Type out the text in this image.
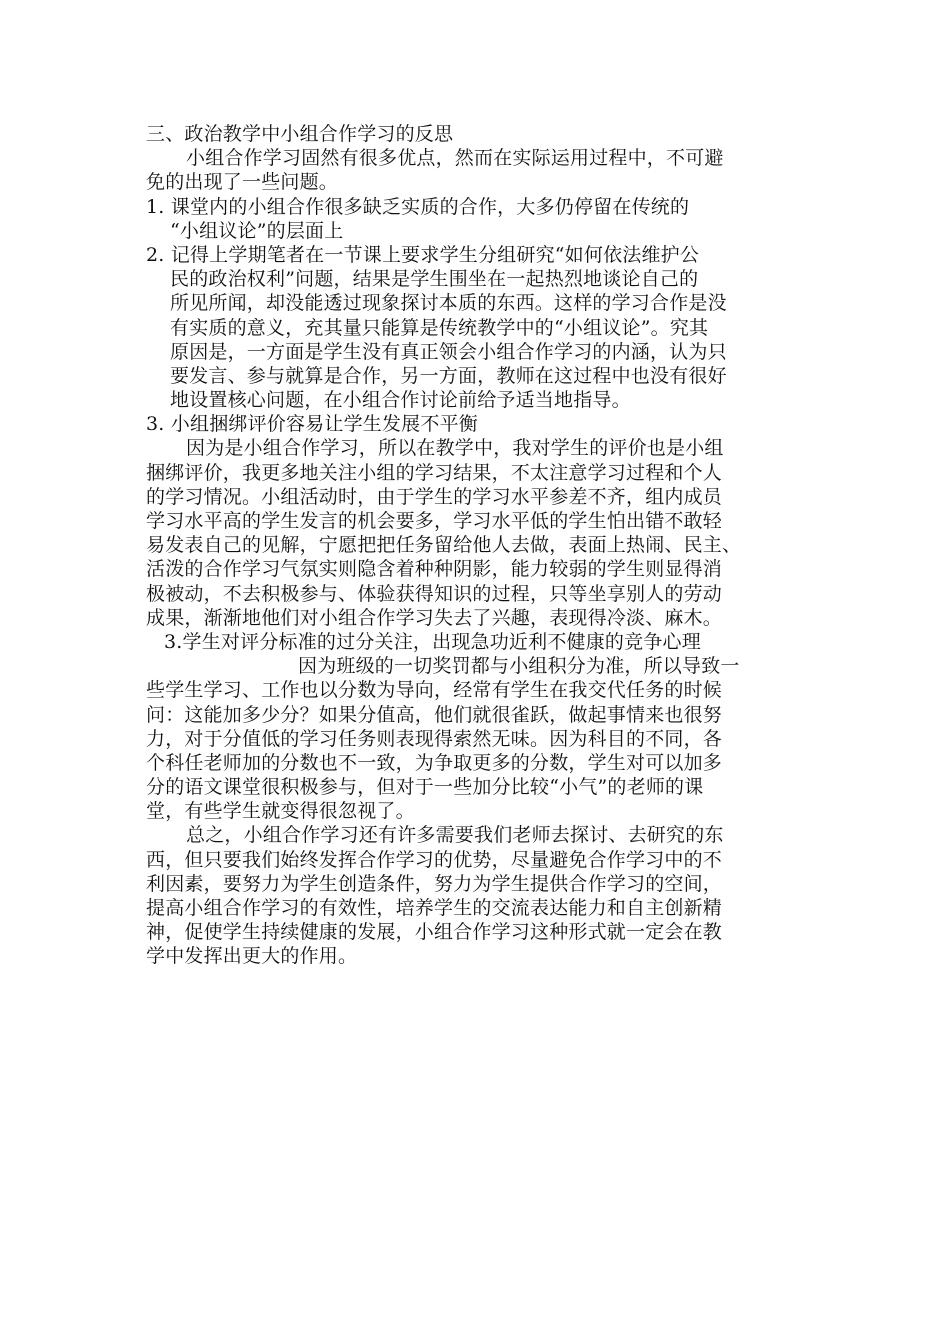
三、政治教学中小组合作学习的反思
小组合作学习固然有很多优点，然而在实际运用过程中，不可避
免的出现了一些问题。
1. 课堂内的小组合作很多缺乏实质的合作，大多仍停留在传统的
“小组议论”的层面上
2. 记得上学期笔者在一节课上要求学生分组研究“如何依法维护公
民的政治权利”问题，结果是学生围坐在一起热烈地谈论自己的
所见所闻，却没能透过现象探讨本质的东西。这样的学习合作是没
有实质的意义，充其量只能算是传统教学中的“小组议论”。究其
原因是，一方面是学生没有真正领会小组合作学习的内涵，认为只
要发言、参与就算是合作，另一方面，教师在这过程中也没有很好
地设置核心问题，在小组合作讨论前给予适当地指导。
3. 小组捆绑评价容易让学生发展不平衡
因为是小组合作学习，所以在教学中，我对学生的评价也是小组
捆绑评价，我更多地关注小组的学习结果，不太注意学习过程和个人
的学习情况。小组活动时，由于学生的学习水平参差不齐，组内成员
学习水平高的学生发言的机会要多，学习水平低的学生怕出错不敢轻
易发表自己的见解，宁愿把把任务留给他人去做，表面上热闹、民主、
活泼的合作学习气氛实则隐含着种种阴影，能力较弱的学生则显得消
极被动，不去积极参与、体验获得知识的过程，只等坐享别人的劳动
成果，渐渐地他们对小组合作学习失去了兴趣，表现得冷淡、麻木。
3.学生对评分标准的过分关注，出现急功近利不健康的竞争心理
因为班级的一切奖罚都与小组积分为准，所以导致一
些学生学习、工作也以分数为导向，经常有学生在我交代任务的时候
问：这能加多少分？如果分值高，他们就很雀跃，做起事情来也很努
力，对于分值低的学习任务则表现得索然无味。因为科目的不同，各
个科任老师加的分数也不一致，为争取更多的分数，学生对可以加多
分的语文课堂很积极参与，但对于一些加分比较“小气”的老师的课
堂，有些学生就变得很忽视了。
总之，小组合作学习还有许多需要我们老师去探讨、去研究的东
西，但只要我们始终发挥合作学习的优势，尽量避免合作学习中的不
利因素，要努力为学生创造条件，努力为学生提供合作学习的空间，
提高小组合作学习的有效性，培养学生的交流表达能力和自主创新精
神，促使学生持续健康的发展，小组合作学习这种形式就一定会在教
学中发挥出更大的作用。
